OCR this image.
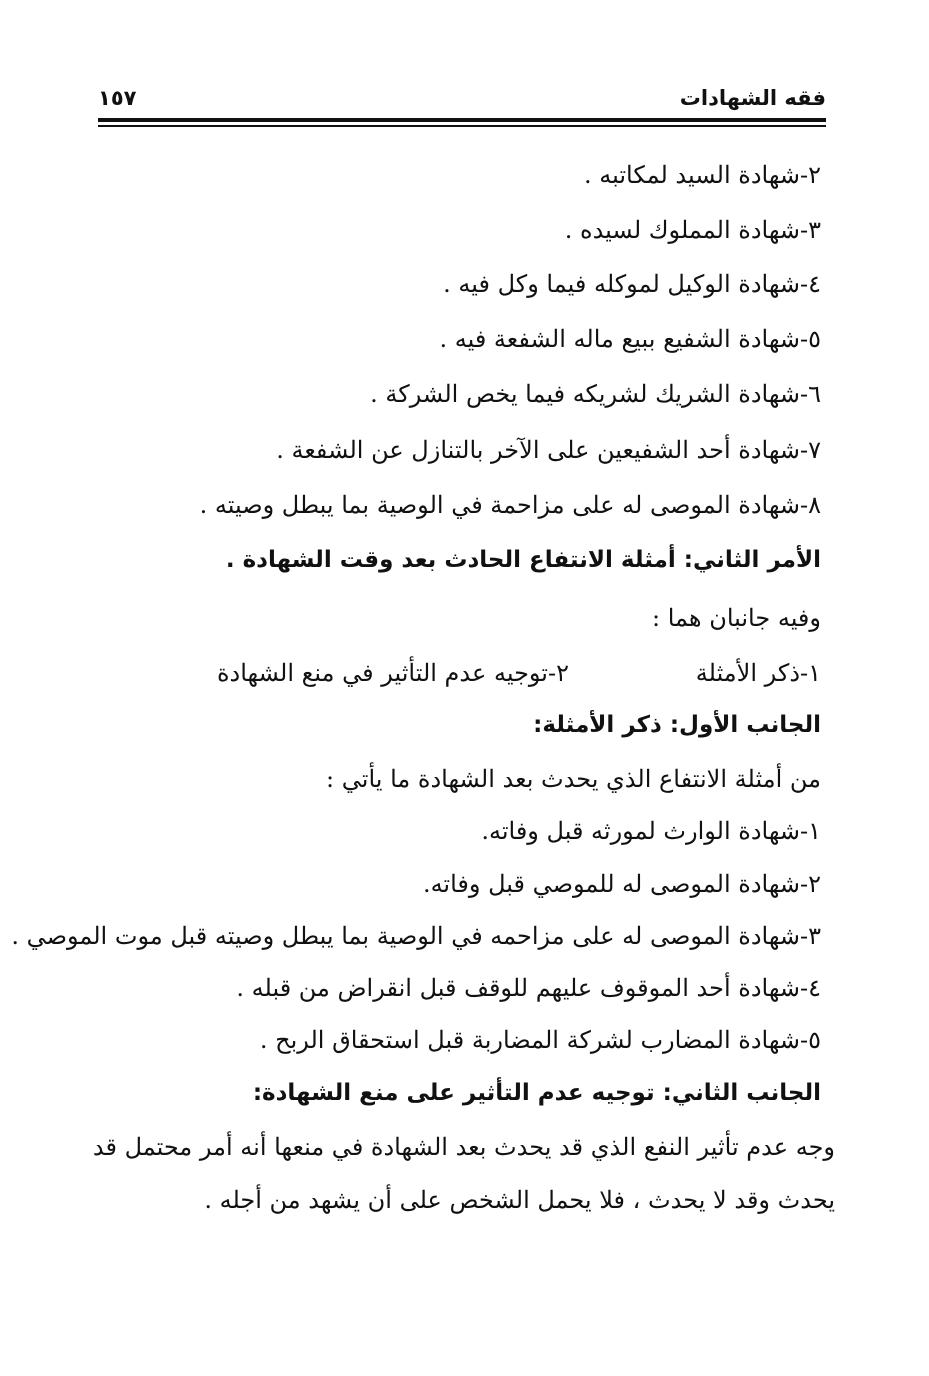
فقه الشهادات
١٥٧
٢-شهادة السيد لمكاتبه .
٣-شهادة المملوك لسيده .
٤-شهادة الوكيل لموكله فيما وكل فيه .
٥-شهادة الشفيع ببيع ماله الشفعة فيه .
٦-شهادة الشريك لشريكه فيما يخص الشركة .
٧-شهادة أحد الشفيعين على الآخر بالتنازل عن الشفعة .
٨-شهادة الموصى له على مزاحمة في الوصية بما يبطل وصيته .
الأمر الثاني: أمثلة الانتفاع الحادث بعد وقت الشهادة .
وفيه جانبان هما :
١-ذكر الأمثلة
٢-توجيه عدم التأثير في منع الشهادة
الجانب الأول: ذكر الأمثلة:
من أمثلة الانتفاع الذي يحدث بعد الشهادة ما يأتي :
١-شهادة الوارث لمورثه قبل وفاته.
٢-شهادة الموصى له للموصي قبل وفاته.
٣-شهادة الموصى له على مزاحمه في الوصية بما يبطل وصيته قبل موت الموصي .
٤-شهادة أحد الموقوف عليهم للوقف قبل انقراض من قبله .
٥-شهادة المضارب لشركة المضاربة قبل استحقاق الربح .
الجانب الثاني: توجيه عدم التأثير على منع الشهادة:
وجه عدم تأثير النفع الذي قد يحدث بعد الشهادة في منعها أنه أمر محتمل قد
يحدث وقد لا يحدث ، فلا يحمل الشخص على أن يشهد من أجله .
